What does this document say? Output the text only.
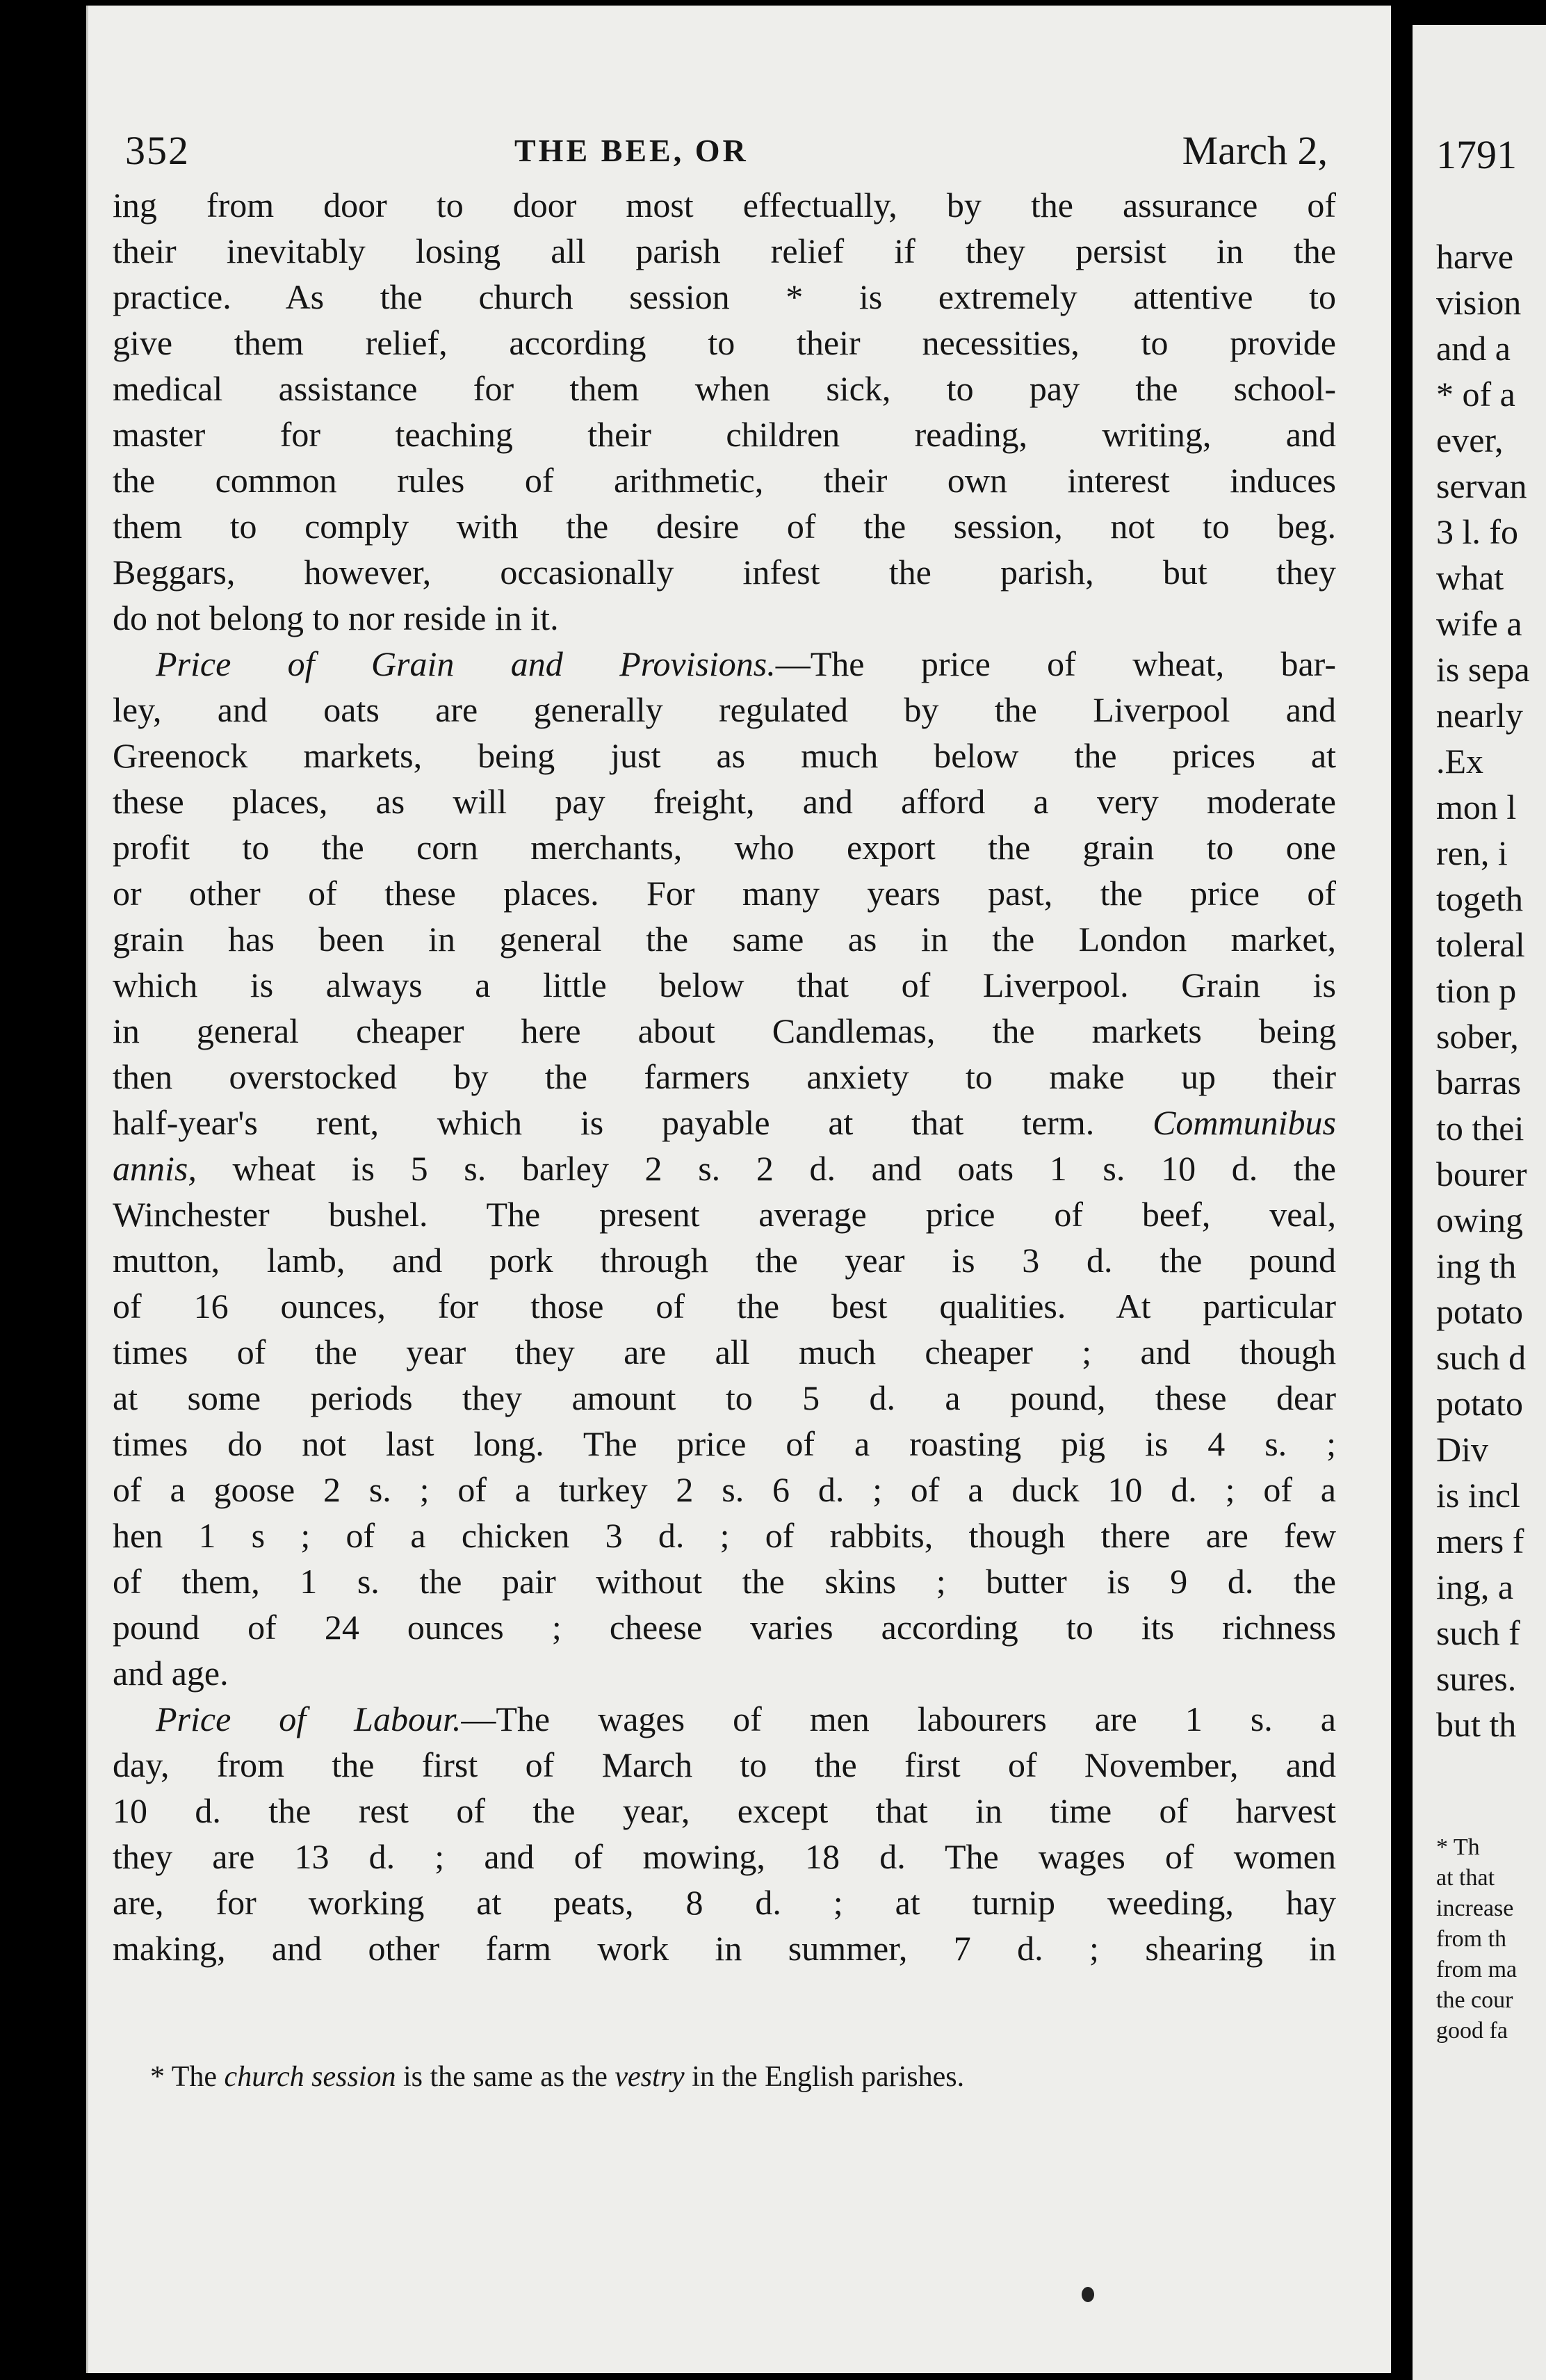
352	THE BEE, OR	March 2,
ing from door to door most effectually, by the assurance of
their inevitably losing all parish relief if they persist in the
practice. As the church session * is extremely attentive to
give them relief, according to their necessities, to provide
medical assistance for them when sick, to pay the school-
master for teaching their children reading, writing, and
the common rules of arithmetic, their own interest induces
them to comply with the desire of the session, not to beg.
Beggars, however, occasionally infest the parish, but they
do not belong to nor reside in it.
Price of Grain and Provisions.—The price of wheat, bar-
ley, and oats are generally regulated by the Liverpool and
Greenock markets, being just as much below the prices at
these places, as will pay freight, and afford a very moderate
profit to the corn merchants, who export the grain to one
or other of these places. For many years past, the price of
grain has been in general the same as in the London market,
which is always a little below that of Liverpool. Grain is
in general cheaper here about Candlemas, the markets being
then overstocked by the farmers anxiety to make up their
half-year's rent, which is payable at that term. Communibus
annis, wheat is 5 s. barley 2 s. 2 d. and oats 1 s. 10 d. the
Winchester bushel. The present average price of beef, veal,
mutton, lamb, and pork through the year is 3 d. the pound
of 16 ounces, for those of the best qualities. At particular
times of the year they are all much cheaper ; and though
at some periods they amount to 5 d. a pound, these dear
times do not last long. The price of a roasting pig is 4 s. ;
of a goose 2 s. ; of a turkey 2 s. 6 d. ; of a duck 10 d. ; of a
hen 1 s ; of a chicken 3 d. ; of rabbits, though there are few
of them, 1 s. the pair without the skins ; butter is 9 d. the
pound of 24 ounces ; cheese varies according to its richness
and age.
Price of Labour.—The wages of men labourers are 1 s. a
day, from the first of March to the first of November, and
10 d. the rest of the year, except that in time of harvest
they are 13 d. ; and of mowing, 18 d. The wages of women
are, for working at peats, 8 d. ; at turnip weeding, hay
making, and other farm work in summer, 7 d. ; shearing in
* The church session is the same as the vestry in the English parishes.
1791
harve
vision
and a
* of a
ever,
servan
3 l. fo
what
wife a
is sepa
nearly
.Ex
mon l
ren, i
togeth
toleral
tion p
sober,
barras
to thei
bourer
owing
ing th
potato
such d
potato
Div
is incl
mers f
ing, a
such f
sures.
but th
* Th
at that
increase
from th
from ma
the cour
good fa
